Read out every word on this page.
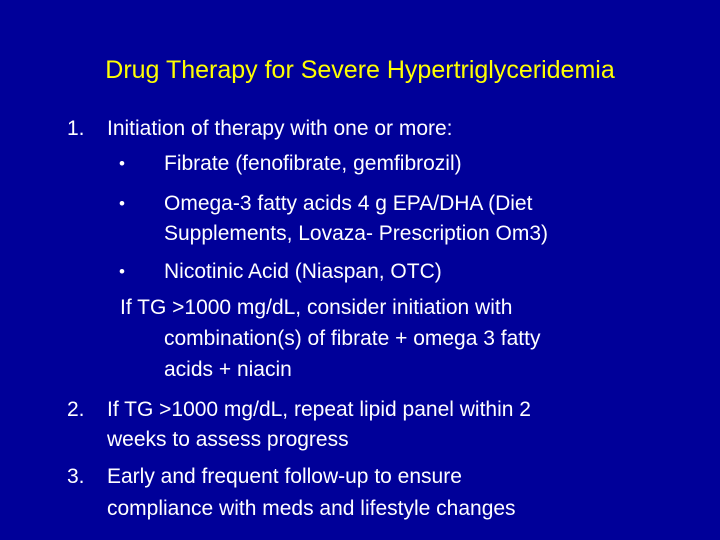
Drug Therapy for Severe Hypertriglyceridemia
1. Initiation of therapy with one or more:
• Fibrate (fenofibrate, gemfibrozil)
• Omega-3 fatty acids 4 g EPA/DHA (Diet
Supplements, Lovaza- Prescription Om3)
• Nicotinic Acid (Niaspan, OTC)
If TG >1000 mg/dL, consider initiation with
combination(s) of fibrate + omega 3 fatty
acids + niacin
2. If TG >1000 mg/dL, repeat lipid panel within 2
weeks to assess progress
3. Early and frequent follow-up to ensure
compliance with meds and lifestyle changes
